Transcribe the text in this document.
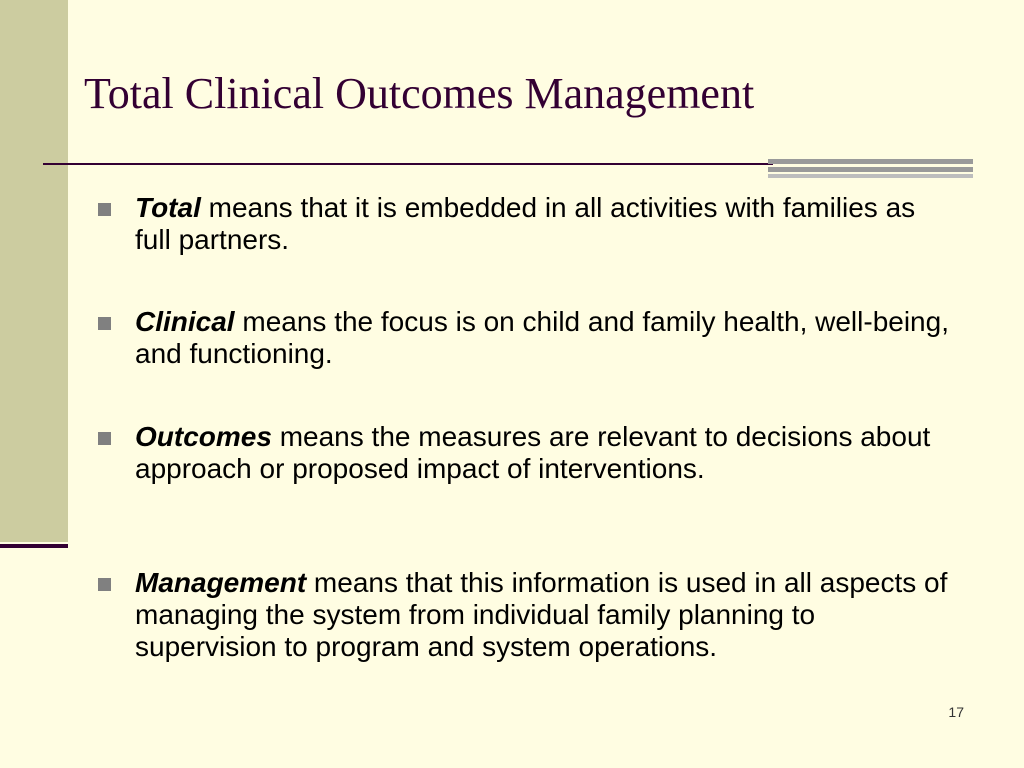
Total Clinical Outcomes Management
Total means that it is embedded in all activities with families as full partners.
Clinical means the focus is on child and family health, well-being, and functioning.
Outcomes means the measures are relevant to decisions about approach or proposed impact of interventions.
Management means that this information is used in all aspects of managing the system from individual family planning to supervision to program and system operations.
17
